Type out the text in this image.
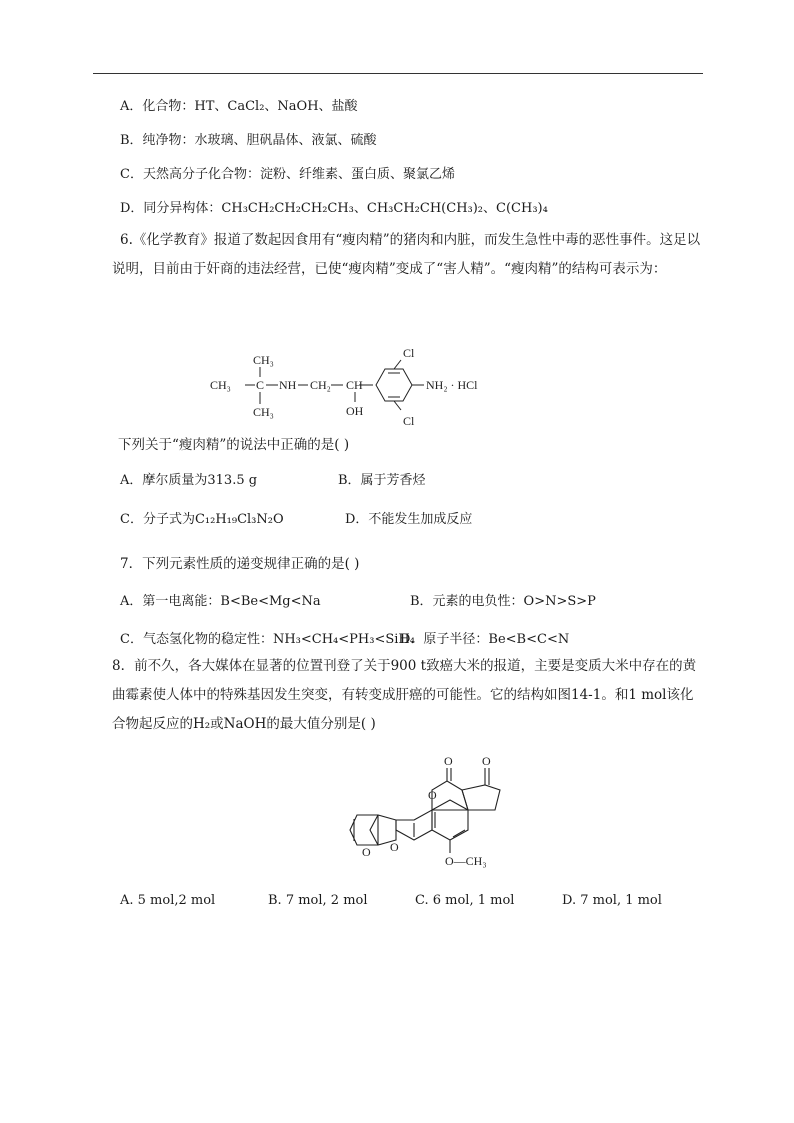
A．化合物：HT、CaCl₂、NaOH、盐酸
B．纯净物：水玻璃、胆矾晶体、液氯、硫酸
C．天然高分子化合物：淀粉、纤维素、蛋白质、聚氯乙烯
D．同分异构体：CH₃CH₂CH₂CH₂CH₃、CH₃CH₂CH(CH₃)₂、C(CH₃)₄
6.《化学教育》报道了数起因食用有“瘦肉精”的猪肉和内脏，而发生急性中毒的恶性事件。这足以说明，目前由于奸商的违法经营，已使“瘦肉精”变成了“害人精”。“瘦肉精”的结构可表示为：
CH₃
CH₃ C NH CH₂ CH
OH
CH₃
Cl
Cl
NH₂ · HCl
下列关于“瘦肉精”的说法中正确的是( )
A．摩尔质量为313.5 g	B．属于芳香烃
C．分子式为C₁₂H₁₉Cl₃N₂O	D．不能发生加成反应
7．下列元素性质的递变规律正确的是( )
A．第一电离能：B<Be<Mg<Na	B．元素的电负性：O>N>S>P
C．气态氢化物的稳定性：NH₃<CH₄<PH₃<SiH₄
D．原子半径：Be<B<C<N
8．前不久，各大媒体在显著的位置刊登了关于900 t致癌大米的报道，主要是变质大米中存在的黄曲霉素使人体中的特殊基因发生突变，有转变成肝癌的可能性。它的结构如图14-1。和1 mol该化合物起反应的H₂或NaOH的最大值分别是( )
O O
O
O O
O—CH₃
A. 5 mol,2 mol	B. 7 mol, 2 mol	C. 6 mol, 1 mol	D. 7 mol, 1 mol
